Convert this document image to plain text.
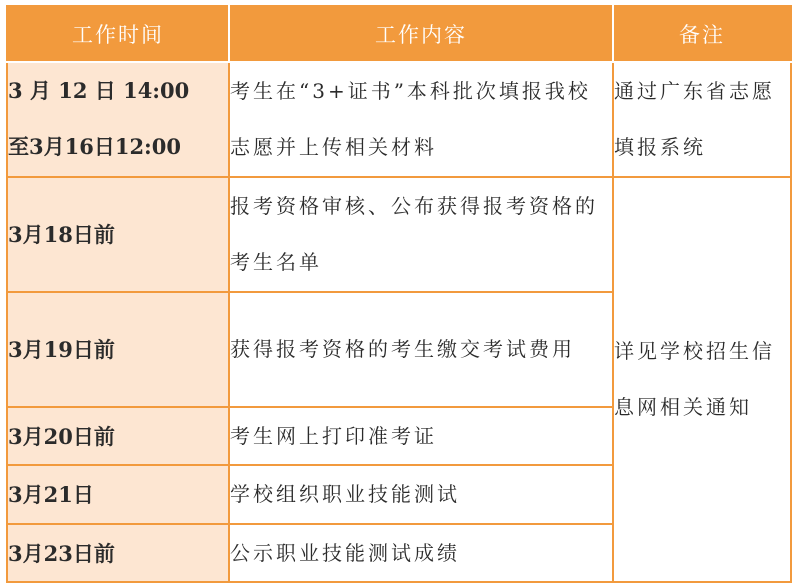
工作时间	工作内容	备注

3 月 12 日 14:00
至3月16日12:00	考生在“3+证书”本科批次填报我校志愿并上传相关材料	通过广东省志愿填报系统
3月18日前	报考资格审核、公布获得报考资格的考生名单	详见学校招生信息网相关通知
3月19日前	获得报考资格的考生缴交考试费用	
3月20日前	考生网上打印准考证	
3月21日	学校组织职业技能测试	
3月23日前	公示职业技能测试成绩	
